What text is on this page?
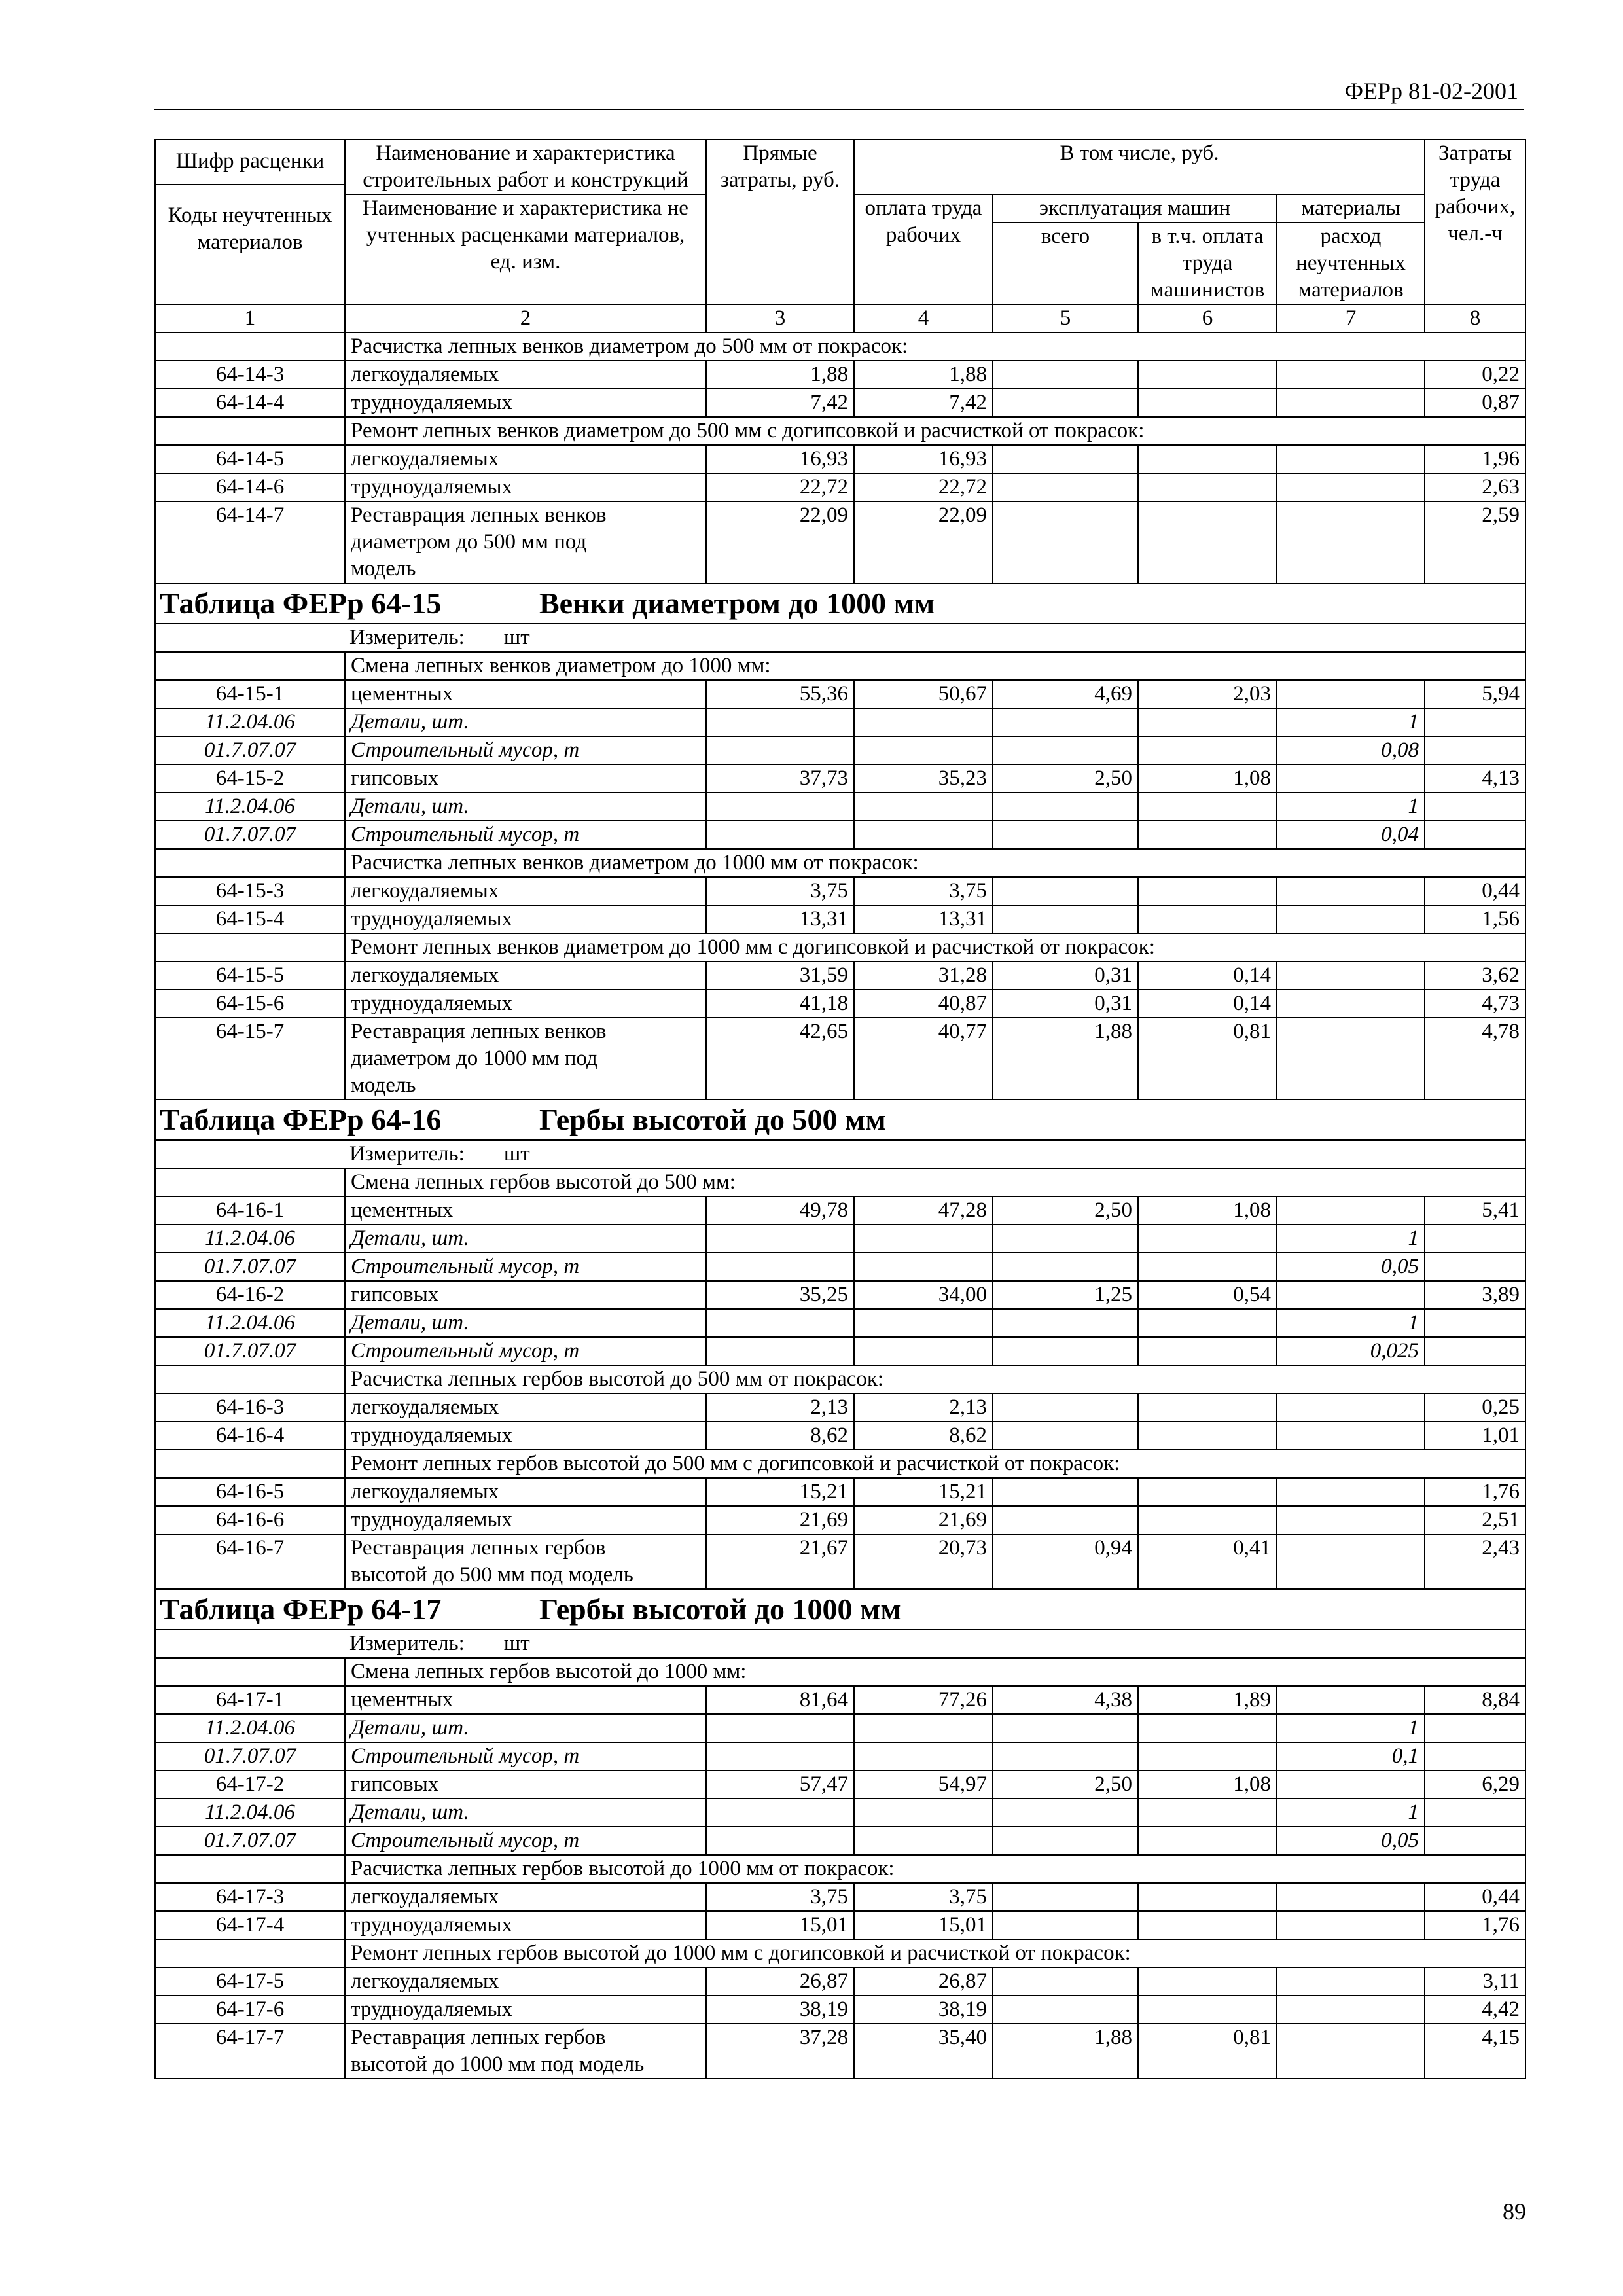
ФЕРр 81-02-2001
Шифр расценки
Коды неучтенных материалов	Наименование и характеристика строительных работ и конструкций	Прямые затраты, руб.	В том числе, руб.				Затраты труда рабочих, чел.-ч
	Наименование и характеристика не учтенных расценками материалов, ед. изм.		оплата труда рабочих	эксплуатация машин		материалы	
				всего	в т.ч. оплата труда машинистов	расход неучтенных материалов	
1	2	3	4	5	6	7	8
	Расчистка лепных венков диаметром до 500 мм от покрасок:						
64-14-3	легкоудаляемых	1,88	1,88				0,22
64-14-4	трудноудаляемых	7,42	7,42				0,87
	Ремонт лепных венков диаметром до 500 мм с догипсовкой и расчисткой от покрасок:						
64-14-5	легкоудаляемых	16,93	16,93				1,96
64-14-6	трудноудаляемых	22,72	22,72				2,63
64-14-7	Реставрация лепных венков
диаметром до 500 мм под
модель	22,09	22,09				2,59
Таблица ФЕРр 64-15 Венки диаметром до 1000 мм							
Измеритель: шт							
	Смена лепных венков диаметром до 1000 мм:						
64-15-1	цементных	55,36	50,67	4,69	2,03		5,94
11.2.04.06	Детали, шт.					1	
01.7.07.07	Строительный мусор, т					0,08	
64-15-2	гипсовых	37,73	35,23	2,50	1,08		4,13
11.2.04.06	Детали, шт.					1	
01.7.07.07	Строительный мусор, т					0,04	
	Расчистка лепных венков диаметром до 1000 мм от покрасок:						
64-15-3	легкоудаляемых	3,75	3,75				0,44
64-15-4	трудноудаляемых	13,31	13,31				1,56
	Ремонт лепных венков диаметром до 1000 мм с догипсовкой и расчисткой от покрасок:						
64-15-5	легкоудаляемых	31,59	31,28	0,31	0,14		3,62
64-15-6	трудноудаляемых	41,18	40,87	0,31	0,14		4,73
64-15-7	Реставрация лепных венков
диаметром до 1000 мм под
модель	42,65	40,77	1,88	0,81		4,78
Таблица ФЕРр 64-16 Гербы высотой до 500 мм							
Измеритель: шт							
	Смена лепных гербов высотой до 500 мм:						
64-16-1	цементных	49,78	47,28	2,50	1,08		5,41
11.2.04.06	Детали, шт.					1	
01.7.07.07	Строительный мусор, т					0,05	
64-16-2	гипсовых	35,25	34,00	1,25	0,54		3,89
11.2.04.06	Детали, шт.					1	
01.7.07.07	Строительный мусор, т					0,025	
	Расчистка лепных гербов высотой до 500 мм от покрасок:						
64-16-3	легкоудаляемых	2,13	2,13				0,25
64-16-4	трудноудаляемых	8,62	8,62				1,01
	Ремонт лепных гербов высотой до 500 мм с догипсовкой и расчисткой от покрасок:						
64-16-5	легкоудаляемых	15,21	15,21				1,76
64-16-6	трудноудаляемых	21,69	21,69				2,51
64-16-7	Реставрация лепных гербов
высотой до 500 мм под модель	21,67	20,73	0,94	0,41		2,43
Таблица ФЕРр 64-17 Гербы высотой до 1000 мм							
Измеритель: шт							
	Смена лепных гербов высотой до 1000 мм:						
64-17-1	цементных	81,64	77,26	4,38	1,89		8,84
11.2.04.06	Детали, шт.					1	
01.7.07.07	Строительный мусор, т					0,1	
64-17-2	гипсовых	57,47	54,97	2,50	1,08		6,29
11.2.04.06	Детали, шт.					1	
01.7.07.07	Строительный мусор, т					0,05	
	Расчистка лепных гербов высотой до 1000 мм от покрасок:						
64-17-3	легкоудаляемых	3,75	3,75				0,44
64-17-4	трудноудаляемых	15,01	15,01				1,76
	Ремонт лепных гербов высотой до 1000 мм с догипсовкой и расчисткой от покрасок:						
64-17-5	легкоудаляемых	26,87	26,87				3,11
64-17-6	трудноудаляемых	38,19	38,19				4,42
64-17-7	Реставрация лепных гербов
высотой до 1000 мм под модель	37,28	35,40	1,88	0,81		4,15
89
